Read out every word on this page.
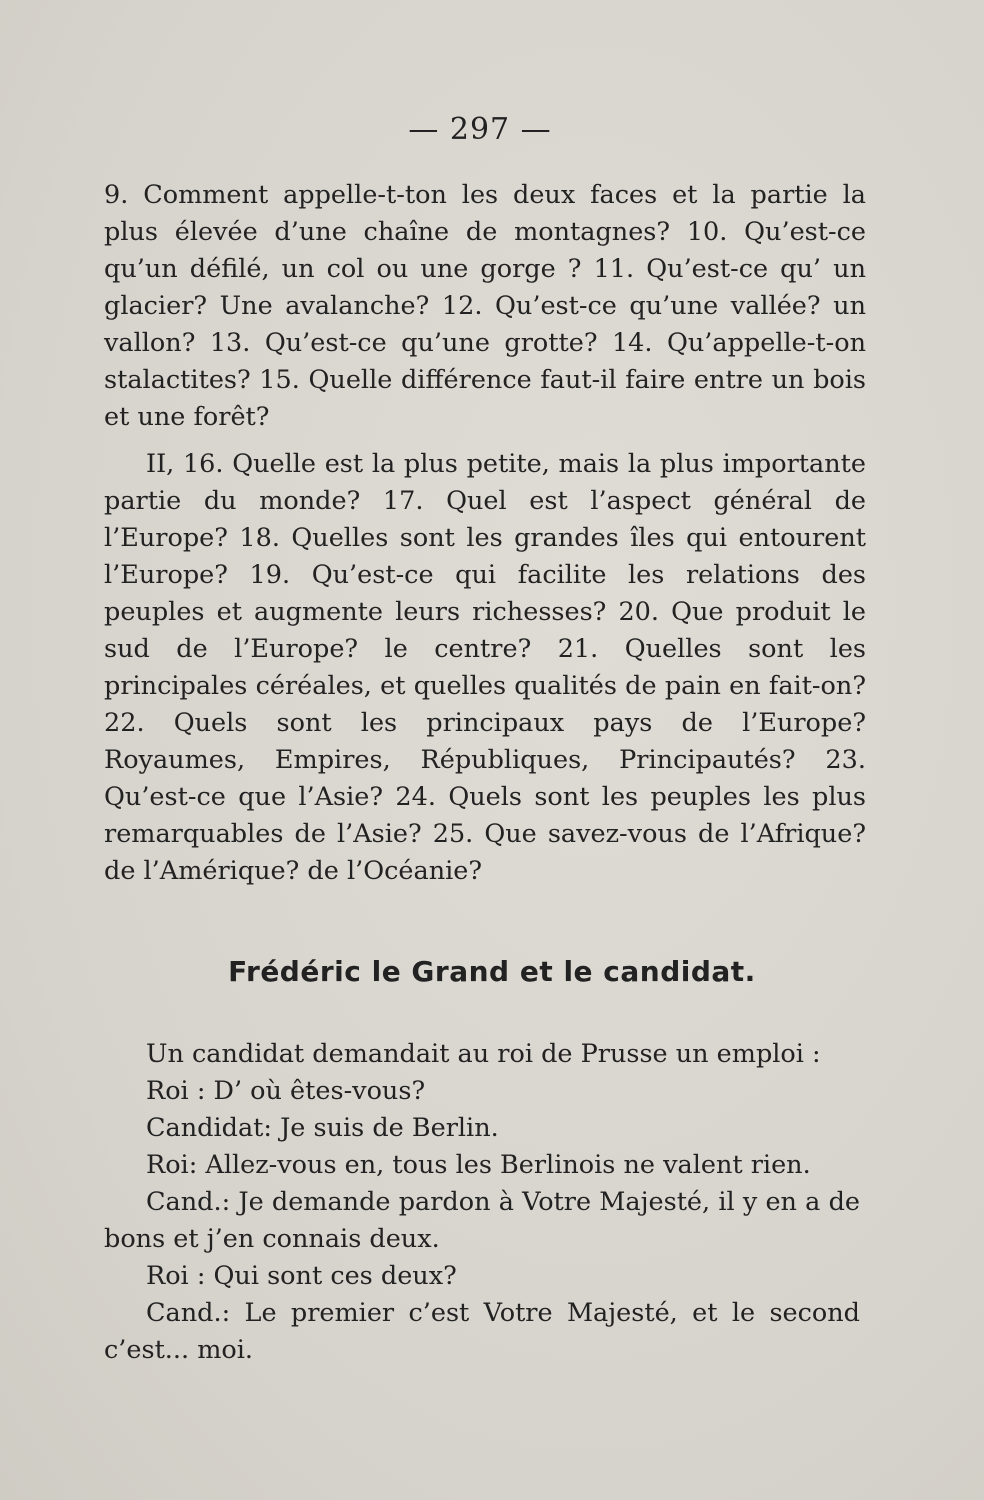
— 297 —

9. Comment appelle-t-ton les deux faces et la partie la plus élevée d’une chaîne de montagnes? 10. Qu’est-ce qu’un défilé, un col ou une gorge ? 11. Qu’est-ce qu’ un glacier? Une avalanche? 12. Qu’est-ce qu’une vallée? un vallon? 13. Qu’est-ce qu’une grotte? 14. Qu’appelle-t-on stalactites? 15. Quelle différence faut-il faire entre un bois et une forêt?

II, 16. Quelle est la plus petite, mais la plus importante partie du monde? 17. Quel est l’aspect général de l’Europe? 18. Quelles sont les grandes îles qui entourent l’Europe? 19. Qu’est-ce qui facilite les relations des peuples et augmente leurs richesses? 20. Que produit le sud de l’Europe? le centre? 21. Quelles sont les principales céréales, et quelles qualités de pain en fait-on? 22. Quels sont les principaux pays de l’Europe? Royaumes, Empires, Républiques, Principautés? 23. Qu’est-ce que l’Asie? 24. Quels sont les peuples les plus remarquables de l’Asie? 25. Que savez-vous de l’Afrique? de l’Amérique? de l’Océanie?

Frédéric le Grand et le candidat.

Un candidat demandait au roi de Prusse un emploi :

Roi : D’ où êtes-vous?

Candidat: Je suis de Berlin.

Roi: Allez-vous en, tous les Berlinois ne valent rien.

Cand.: Je demande pardon à Votre Majesté, il y en a de bons et j’en connais deux.

Roi : Qui sont ces deux?

Cand.: Le premier c’est Votre Majesté, et le second c’est... moi.
